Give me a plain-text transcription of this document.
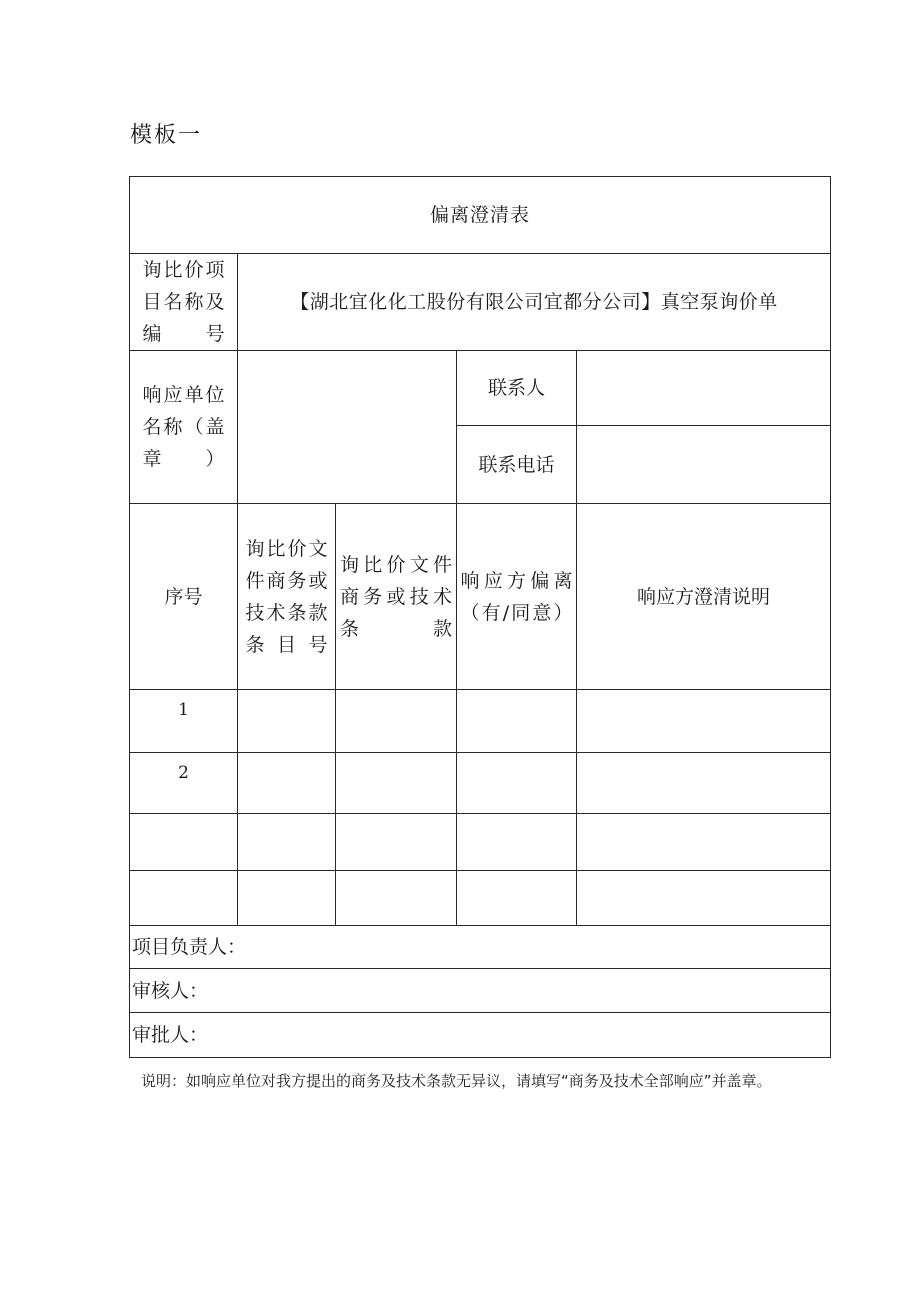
模板一
偏离澄清表				

询比价项目名称及编号	【湖北宜化化工股份有限公司宜都分公司】真空泵询价单			

响应单位名称（盖章）			联系人	
			联系电话	
序号	询比价文件商务或技术条款条目号	询比价文件商务或技术条款	响应方偏离（有/同意）	响应方澄清说明
1				
2				

项目负责人：				
审核人：				
审批人：				
说明：如响应单位对我方提出的商务及技术条款无异议，请填写“商务及技术全部响应”并盖章。
